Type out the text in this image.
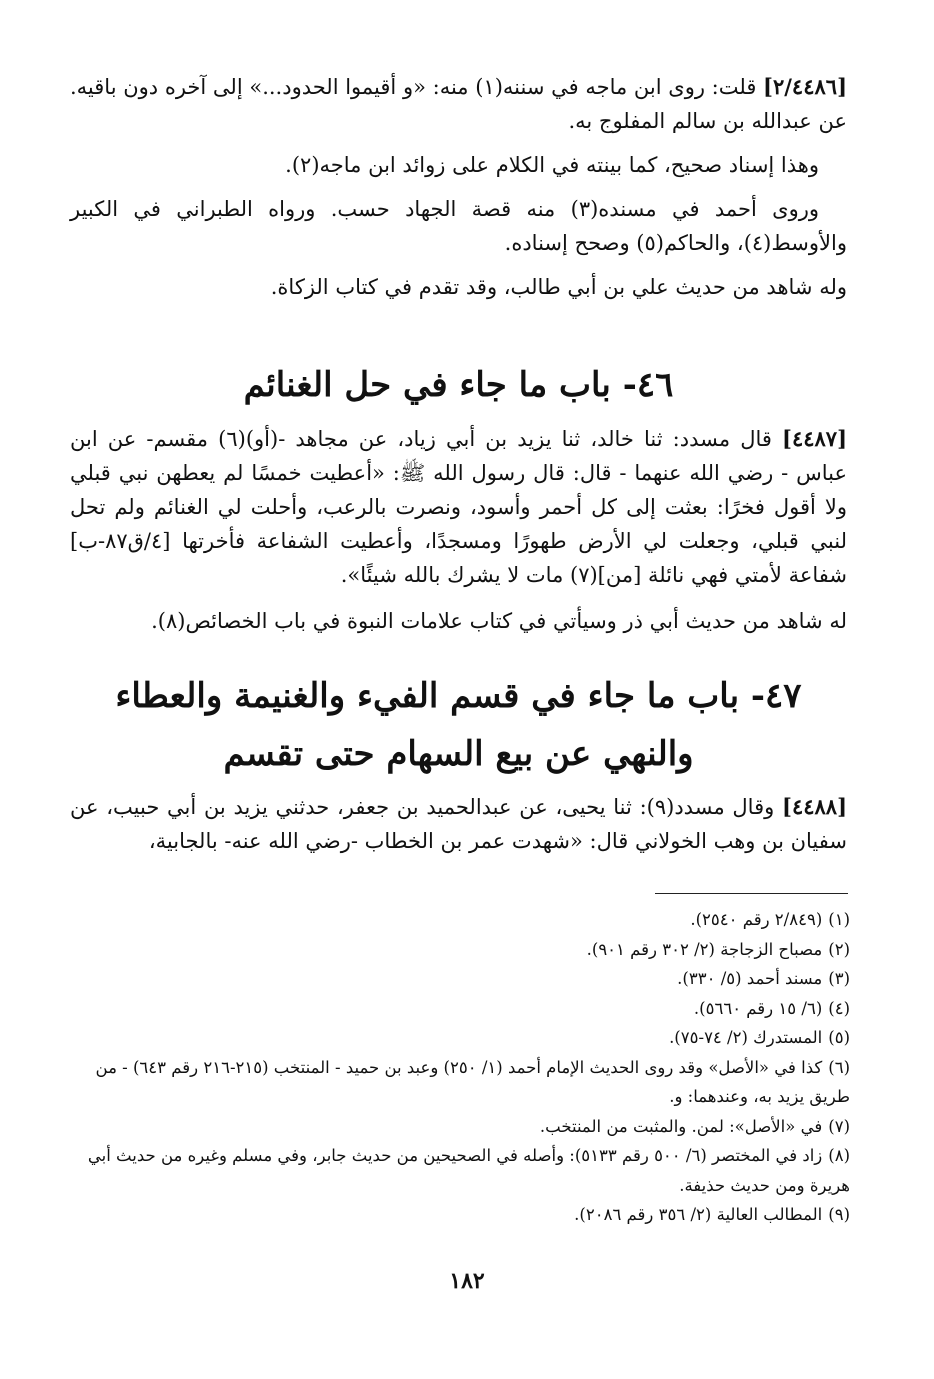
[٢/٤٤٨٦] قلت: روى ابن ماجه في سننه(١) منه: «و أقيموا الحدود...» إلى آخره دون باقيه. عن عبدالله بن سالم المفلوج به.

وهذا إسناد صحيح، كما بينته في الكلام على زوائد ابن ماجه(٢).

وروى أحمد في مسنده(٣) منه قصة الجهاد حسب. ورواه الطبراني في الكبير والأوسط(٤)، والحاكم(٥) وصحح إسناده.

وله شاهد من حديث علي بن أبي طالب، وقد تقدم في كتاب الزكاة.

٤٦- باب ما جاء في حل الغنائم

[٤٤٨٧] قال مسدد: ثنا خالد، ثنا يزيد بن أبي زياد، عن مجاهد -(أو)(٦) مقسم- عن ابن عباس - رضي الله عنهما - قال: قال رسول الله ﷺ: «أعطيت خمسًا لم يعطهن نبي قبلي ولا أقول فخرًا: بعثت إلى كل أحمر وأسود، ونصرت بالرعب، وأحلت لي الغنائم ولم تحل لنبي قبلي، وجعلت لي الأرض طهورًا ومسجدًا، وأعطيت الشفاعة فأخرتها [٤/ق٨٧-ب] شفاعة لأمتي فهي نائلة [من](٧) مات لا يشرك بالله شيئًا».

له شاهد من حديث أبي ذر وسيأتي في كتاب علامات النبوة في باب الخصائص(٨).

٤٧- باب ما جاء في قسم الفيء والغنيمة والعطاء
والنهي عن بيع السهام حتى تقسم

[٤٤٨٨] وقال مسدد(٩): ثنا يحيى، عن عبدالحميد بن جعفر، حدثني يزيد بن أبي حبيب، عن سفيان بن وهب الخولاني قال: «شهدت عمر بن الخطاب -رضي الله عنه- بالجابية،

(١)(٢/٨٤٩ رقم ٢٥٤٠).

(٢)مصباح الزجاجة (٢/ ٣٠٢ رقم ٩٠١).

(٣)مسند أحمد (٥/ ٣٣٠).

(٤)(٦/ ١٥ رقم ٥٦٦٠).

(٥)المستدرك (٢/ ٧٤-٧٥).

(٦)كذا في «الأصل» وقد روى الحديث الإمام أحمد (١/ ٢٥٠) وعبد بن حميد - المنتخب (٢١٥-٢١٦ رقم ٦٤٣) - من طريق يزيد به، وعندهما: و.

(٧)في «الأصل»: لمن. والمثبت من المنتخب.

(٨)زاد في المختصر (٦/ ٥٠٠ رقم ٥١٣٣): وأصله في الصحيحين من حديث جابر، وفي مسلم وغيره من حديث أبي هريرة ومن حديث حذيفة.

(٩)المطالب العالية (٢/ ٣٥٦ رقم ٢٠٨٦).

١٨٢
